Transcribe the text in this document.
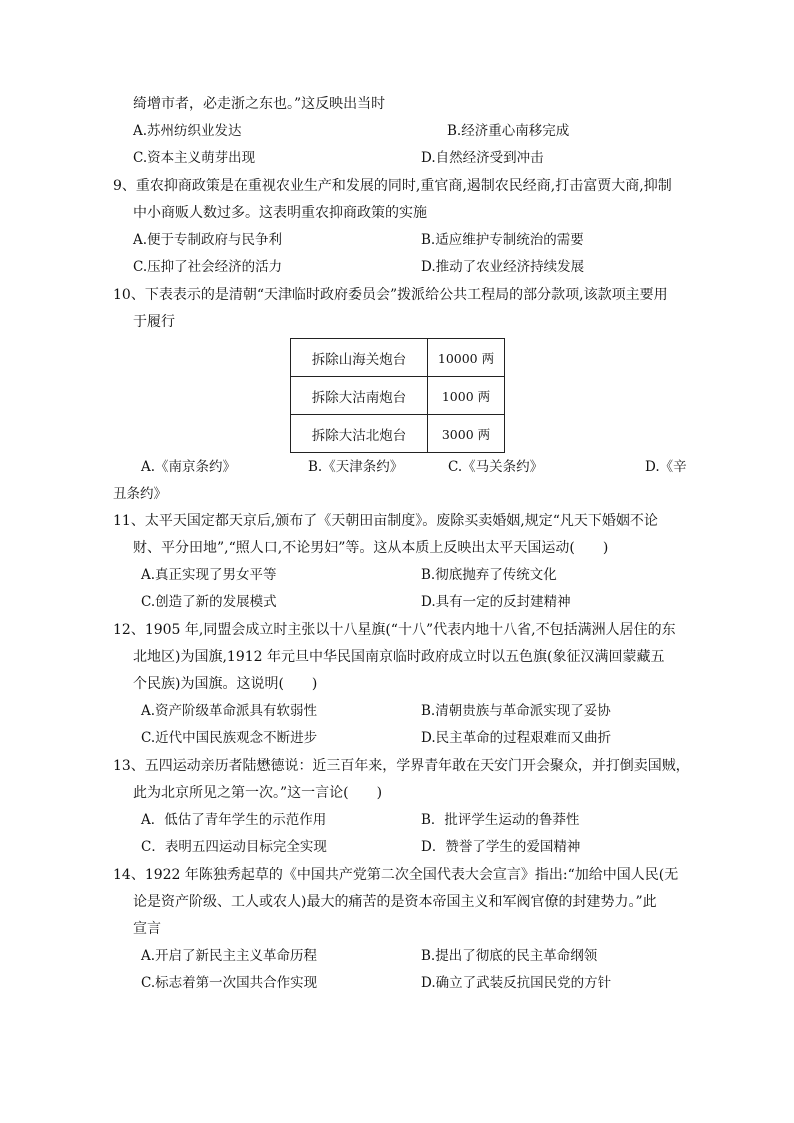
绮增市者，必走浙之东也。”这反映出当时
A.苏州纺织业发达	B.经济重心南移完成
C.资本主义萌芽出现	D.自然经济受到冲击
9、重农抑商政策是在重视农业生产和发展的同时,重官商,遏制农民经商,打击富贾大商,抑制
中小商贩人数过多。这表明重农抑商政策的实施
A.便于专制政府与民争利	B.适应维护专制统治的需要
C.压抑了社会经济的活力	D.推动了农业经济持续发展
10、下表表示的是清朝“天津临时政府委员会”拨派给公共工程局的部分款项,该款项主要用
于履行
拆除山海关炮台	10000 两
拆除大沽南炮台	1000 两
拆除大沽北炮台	3000 两
A.《南京条约》	B.《天津条约》	C.《马关条约》	D.《辛
丑条约》
11、太平天国定都天京后,颁布了《天朝田亩制度》。废除买卖婚姻,规定“凡天下婚姻不论
财、平分田地”,“照人口,不论男妇”等。这从本质上反映出太平天国运动(　　)
A.真正实现了男女平等	B.彻底抛弃了传统文化
C.创造了新的发展模式	D.具有一定的反封建精神
12、1905 年,同盟会成立时主张以十八星旗(“十八”代表内地十八省,不包括满洲人居住的东
北地区)为国旗,1912 年元旦中华民国南京临时政府成立时以五色旗(象征汉满回蒙藏五
个民族)为国旗。这说明(　　)
A.资产阶级革命派具有软弱性	B.清朝贵族与革命派实现了妥协
C.近代中国民族观念不断进步	D.民主革命的过程艰难而又曲折
13、五四运动亲历者陆懋德说：近三百年来，学界青年敢在天安门开会聚众，并打倒卖国贼，
此为北京所见之第一次。”这一言论(　　)
A．低估了青年学生的示范作用	B．批评学生运动的鲁莽性
C．表明五四运动目标完全实现	D．赞誉了学生的爱国精神
14、1922 年陈独秀起草的《中国共产党第二次全国代表大会宣言》指出:“加给中国人民(无
论是资产阶级、工人或农人)最大的痛苦的是资本帝国主义和军阀官僚的封建势力。”此
宣言
A.开启了新民主主义革命历程	B.提出了彻底的民主革命纲领
C.标志着第一次国共合作实现	D.确立了武装反抗国民党的方针
